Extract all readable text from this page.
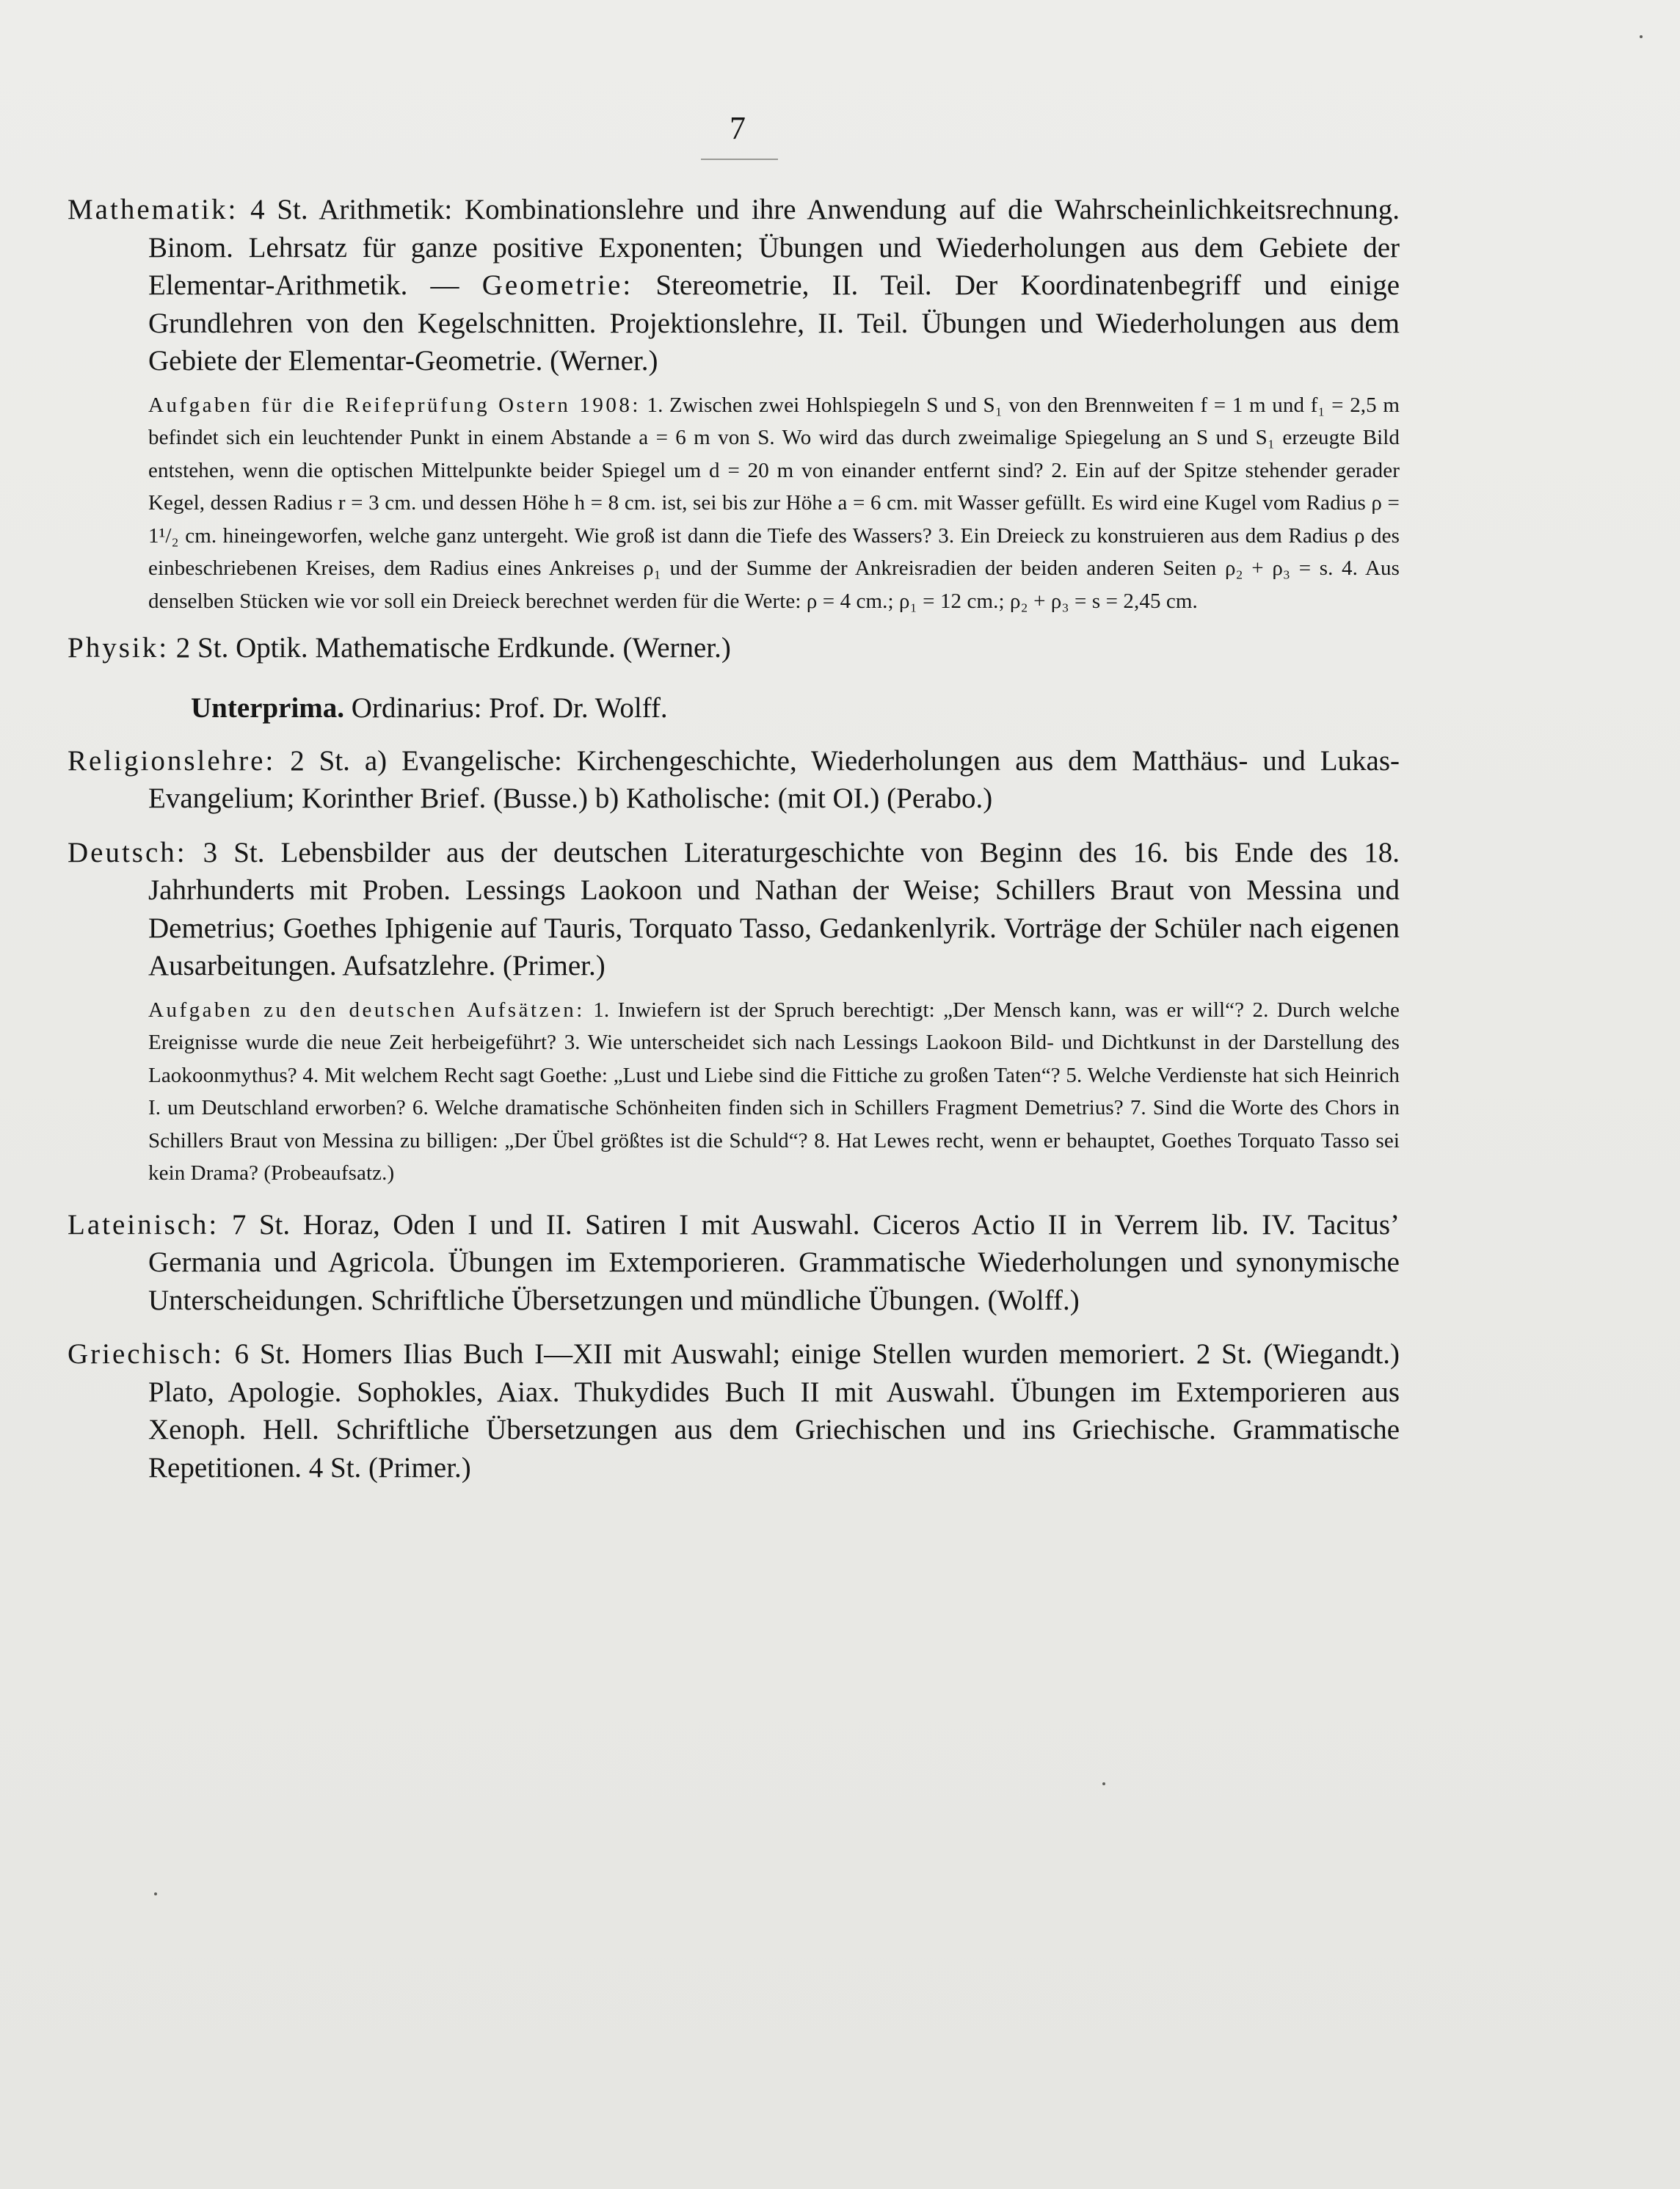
7

Mathematik: 4 St. Arithmetik: Kombinationslehre und ihre Anwendung auf die Wahrscheinlichkeitsrechnung. Binom. Lehrsatz für ganze positive Exponenten; Übungen und Wiederholungen aus dem Gebiete der Elementar-Arithmetik. — Geometrie: Stereometrie, II. Teil. Der Koordinatenbegriff und einige Grundlehren von den Kegelschnitten. Projektionslehre, II. Teil. Übungen und Wiederholungen aus dem Gebiete der Elementar-Geometrie. (Werner.)

Aufgaben für die Reifeprüfung Ostern 1908: 1. Zwischen zwei Hohlspiegeln S und S₁ von den Brennweiten f = 1 m und f₁ = 2,5 m befindet sich ein leuchtender Punkt in einem Abstande a = 6 m von S. Wo wird das durch zweimalige Spiegelung an S und S₁ erzeugte Bild entstehen, wenn die optischen Mittelpunkte beider Spiegel um d = 20 m von einander entfernt sind? 2. Ein auf der Spitze stehender gerader Kegel, dessen Radius r = 3 cm. und dessen Höhe h = 8 cm. ist, sei bis zur Höhe a = 6 cm. mit Wasser gefüllt. Es wird eine Kugel vom Radius ρ = 1¹/₂ cm. hineingeworfen, welche ganz untergeht. Wie groß ist dann die Tiefe des Wassers? 3. Ein Dreieck zu konstruieren aus dem Radius ρ des einbeschriebenen Kreises, dem Radius eines Ankreises ρ₁ und der Summe der Ankreisradien der beiden anderen Seiten ρ₂ + ρ₃ = s. 4. Aus denselben Stücken wie vor soll ein Dreieck berechnet werden für die Werte: ρ = 4 cm.; ρ₁ = 12 cm.; ρ₂ + ρ₃ = s = 2,45 cm.

Physik: 2 St. Optik. Mathematische Erdkunde. (Werner.)

Unterprima. Ordinarius: Prof. Dr. Wolff.

Religionslehre: 2 St. a) Evangelische: Kirchengeschichte, Wiederholungen aus dem Matthäus- und Lukas-Evangelium; Korinther Brief. (Busse.) b) Katholische: (mit OI.) (Perabo.)

Deutsch: 3 St. Lebensbilder aus der deutschen Literaturgeschichte von Beginn des 16. bis Ende des 18. Jahrhunderts mit Proben. Lessings Laokoon und Nathan der Weise; Schillers Braut von Messina und Demetrius; Goethes Iphigenie auf Tauris, Torquato Tasso, Gedankenlyrik. Vorträge der Schüler nach eigenen Ausarbeitungen. Aufsatzlehre. (Primer.)

Aufgaben zu den deutschen Aufsätzen: 1. Inwiefern ist der Spruch berechtigt: „Der Mensch kann, was er will“? 2. Durch welche Ereignisse wurde die neue Zeit herbeigeführt? 3. Wie unterscheidet sich nach Lessings Laokoon Bild- und Dichtkunst in der Darstellung des Laokoonmythus? 4. Mit welchem Recht sagt Goethe: „Lust und Liebe sind die Fittiche zu großen Taten“? 5. Welche Verdienste hat sich Heinrich I. um Deutschland erworben? 6. Welche dramatische Schönheiten finden sich in Schillers Fragment Demetrius? 7. Sind die Worte des Chors in Schillers Braut von Messina zu billigen: „Der Übel größtes ist die Schuld“? 8. Hat Lewes recht, wenn er behauptet, Goethes Torquato Tasso sei kein Drama? (Probeaufsatz.)

Lateinisch: 7 St. Horaz, Oden I und II. Satiren I mit Auswahl. Ciceros Actio II in Verrem lib. IV. Tacitus’ Germania und Agricola. Übungen im Extemporieren. Grammatische Wiederholungen und synonymische Unterscheidungen. Schriftliche Übersetzungen und mündliche Übungen. (Wolff.)

Griechisch: 6 St. Homers Ilias Buch I—XII mit Auswahl; einige Stellen wurden memoriert. 2 St. (Wiegandt.) Plato, Apologie. Sophokles, Aiax. Thukydides Buch II mit Auswahl. Übungen im Extemporieren aus Xenoph. Hell. Schriftliche Übersetzungen aus dem Griechischen und ins Griechische. Grammatische Repetitionen. 4 St. (Primer.)
